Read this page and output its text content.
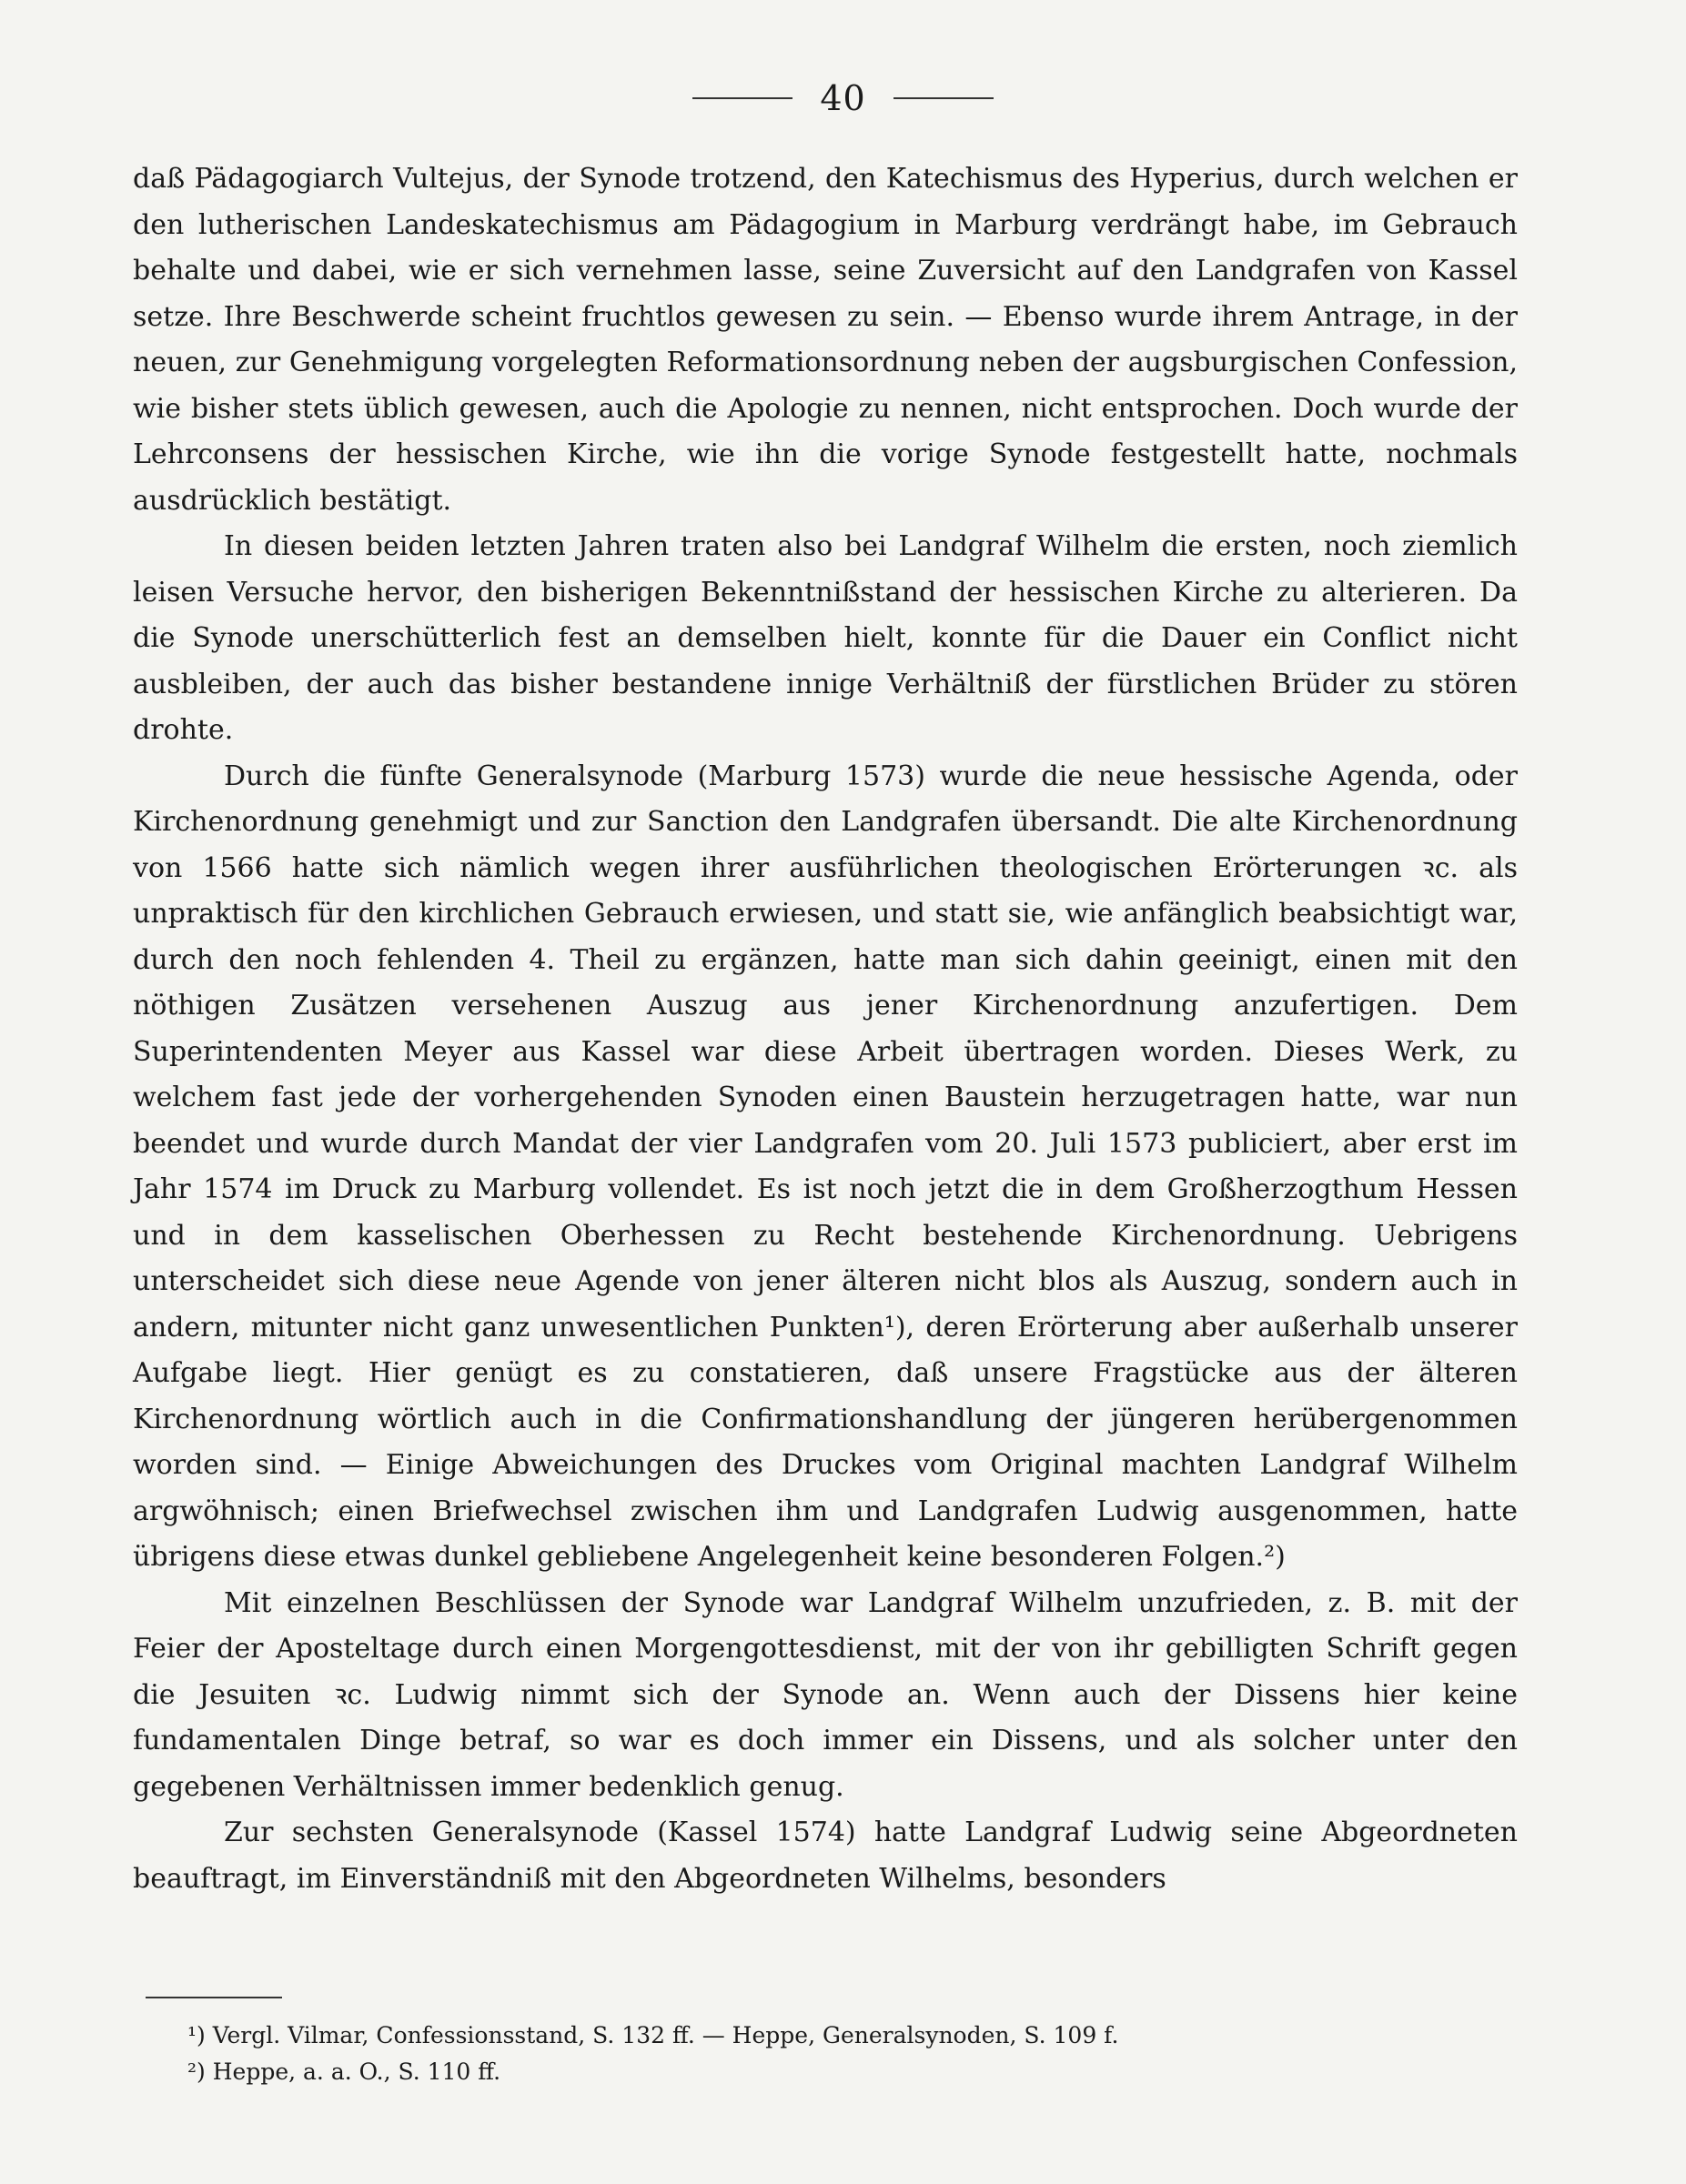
40

daß Pädagogiarch Vultejus, der Synode trotzend, den Katechismus des Hyperius, durch welchen er den lutherischen Landeskatechismus am Pädagogium in Marburg verdrängt habe, im Gebrauch behalte und dabei, wie er sich vernehmen lasse, seine Zuversicht auf den Landgrafen von Kassel setze. Ihre Beschwerde scheint fruchtlos gewesen zu sein. — Ebenso wurde ihrem Antrage, in der neuen, zur Genehmigung vorgelegten Reformationsordnung neben der augsburgischen Confession, wie bisher stets üblich gewesen, auch die Apologie zu nennen, nicht entsprochen. Doch wurde der Lehrconsens der hessischen Kirche, wie ihn die vorige Synode festgestellt hatte, nochmals ausdrücklich bestätigt.

In diesen beiden letzten Jahren traten also bei Landgraf Wilhelm die ersten, noch ziemlich leisen Versuche hervor, den bisherigen Bekenntnißstand der hessischen Kirche zu alterieren. Da die Synode unerschütterlich fest an demselben hielt, konnte für die Dauer ein Conflict nicht ausbleiben, der auch das bisher bestandene innige Verhältniß der fürstlichen Brüder zu stören drohte.

Durch die fünfte Generalsynode (Marburg 1573) wurde die neue hessische Agenda, oder Kirchenordnung genehmigt und zur Sanction den Landgrafen übersandt. Die alte Kirchenordnung von 1566 hatte sich nämlich wegen ihrer ausführlichen theologischen Erörterungen ꝛc. als unpraktisch für den kirchlichen Gebrauch erwiesen, und statt sie, wie anfänglich beabsichtigt war, durch den noch fehlenden 4. Theil zu ergänzen, hatte man sich dahin geeinigt, einen mit den nöthigen Zusätzen versehenen Auszug aus jener Kirchenordnung anzufertigen. Dem Superintendenten Meyer aus Kassel war diese Arbeit übertragen worden. Dieses Werk, zu welchem fast jede der vorhergehenden Synoden einen Baustein herzugetragen hatte, war nun beendet und wurde durch Mandat der vier Landgrafen vom 20. Juli 1573 publiciert, aber erst im Jahr 1574 im Druck zu Marburg vollendet. Es ist noch jetzt die in dem Großherzogthum Hessen und in dem kasselischen Oberhessen zu Recht bestehende Kirchenordnung. Uebrigens unterscheidet sich diese neue Agende von jener älteren nicht blos als Auszug, sondern auch in andern, mitunter nicht ganz unwesentlichen Punkten¹), deren Erörterung aber außerhalb unserer Aufgabe liegt. Hier genügt es zu constatieren, daß unsere Fragstücke aus der älteren Kirchenordnung wörtlich auch in die Confirmationshandlung der jüngeren herübergenommen worden sind. — Einige Abweichungen des Druckes vom Original machten Landgraf Wilhelm argwöhnisch; einen Briefwechsel zwischen ihm und Landgrafen Ludwig ausgenommen, hatte übrigens diese etwas dunkel gebliebene Angelegenheit keine besonderen Folgen.²)

Mit einzelnen Beschlüssen der Synode war Landgraf Wilhelm unzufrieden, z. B. mit der Feier der Aposteltage durch einen Morgengottesdienst, mit der von ihr gebilligten Schrift gegen die Jesuiten ꝛc. Ludwig nimmt sich der Synode an. Wenn auch der Dissens hier keine fundamentalen Dinge betraf, so war es doch immer ein Dissens, und als solcher unter den gegebenen Verhältnissen immer bedenklich genug.

Zur sechsten Generalsynode (Kassel 1574) hatte Landgraf Ludwig seine Abgeordneten beauftragt, im Einverständniß mit den Abgeordneten Wilhelms, besonders

¹) Vergl. Vilmar, Confessionsstand, S. 132 ff. — Heppe, Generalsynoden, S. 109 f.

²) Heppe, a. a. O., S. 110 ff.
